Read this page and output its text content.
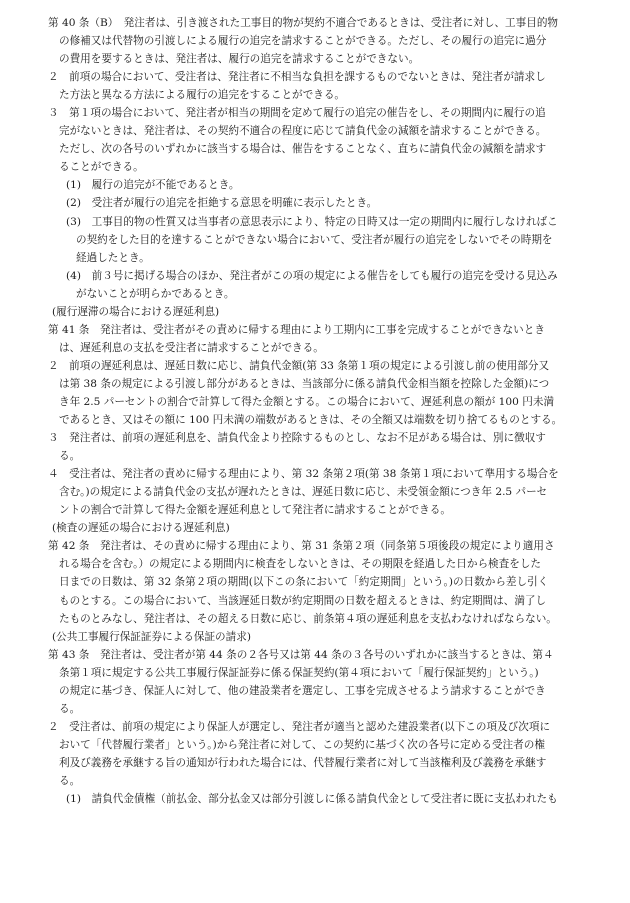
第 40 条（B）　発注者は、引き渡された工事目的物が契約不適合であるときは、受注者に対し、工事目的物
の修補又は代替物の引渡しによる履行の追完を請求することができる。ただし、その履行の追完に過分
の費用を要するときは、発注者は、履行の追完を請求することができない。
２　前項の場合において、受注者は、発注者に不相当な負担を課するものでないときは、発注者が請求し
た方法と異なる方法による履行の追完をすることができる。
３　第１項の場合において、発注者が相当の期間を定めて履行の追完の催告をし、その期間内に履行の追
完がないときは、発注者は、その契約不適合の程度に応じて請負代金の減額を請求することができる。
ただし、次の各号のいずれかに該当する場合は、催告をすることなく、直ちに請負代金の減額を請求す
ることができる。
(1)　履行の追完が不能であるとき。
(2)　受注者が履行の追完を拒絶する意思を明確に表示したとき。
(3)　工事目的物の性質又は当事者の意思表示により、特定の日時又は一定の期間内に履行しなければこ
の契約をした目的を達することができない場合において、受注者が履行の追完をしないでその時期を
経過したとき。
(4)　前３号に掲げる場合のほか、発注者がこの項の規定による催告をしても履行の追完を受ける見込み
がないことが明らかであるとき。
(履行遅滞の場合における遅延利息)
第 41 条　発注者は、受注者がその責めに帰する理由により工期内に工事を完成することができないとき
は、遅延利息の支払を受注者に請求することができる。
２　前項の遅延利息は、遅延日数に応じ、請負代金額(第 33 条第１項の規定による引渡し前の使用部分又
は第 38 条の規定による引渡し部分があるときは、当該部分に係る請負代金相当額を控除した金額)につ
き年 2.5 パーセントの割合で計算して得た金額とする。この場合において、遅延利息の額が 100 円未満
であるとき、又はその額に 100 円未満の端数があるときは、その全額又は端数を切り捨てるものとする。
３　発注者は、前項の遅延利息を、請負代金より控除するものとし、なお不足がある場合は、別に徴収す
る。
４　受注者は、発注者の責めに帰する理由により、第 32 条第２項(第 38 条第１項において準用する場合を
含む。)の規定による請負代金の支払が遅れたときは、遅延日数に応じ、未受領金額につき年 2.5 パーセ
ントの割合で計算して得た金額を遅延利息として発注者に請求することができる。
(検査の遅延の場合における遅延利息)
第 42 条　発注者は、その責めに帰する理由により、第 31 条第２項（同条第５項後段の規定により適用さ
れる場合を含む。）の規定による期間内に検査をしないときは、その期限を経過した日から検査をした
日までの日数は、第 32 条第２項の期間(以下この条において「約定期間」という。)の日数から差し引く
ものとする。この場合において、当該遅延日数が約定期間の日数を超えるときは、約定期間は、満了し
たものとみなし、発注者は、その超える日数に応じ、前条第４項の遅延利息を支払わなければならない。
(公共工事履行保証証券による保証の請求)
第 43 条　発注者は、受注者が第 44 条の２各号又は第 44 条の３各号のいずれかに該当するときは、第４
条第１項に規定する公共工事履行保証証券に係る保証契約(第４項において「履行保証契約」という。)
の規定に基づき、保証人に対して、他の建設業者を選定し、工事を完成させるよう請求することができ
る。
２　受注者は、前項の規定により保証人が選定し、発注者が適当と認めた建設業者(以下この項及び次項に
おいて「代替履行業者」という。)から発注者に対して、この契約に基づく次の各号に定める受注者の権
利及び義務を承継する旨の通知が行われた場合には、代替履行業者に対して当該権利及び義務を承継す
る。
(1)　請負代金債権（前払金、部分払金又は部分引渡しに係る請負代金として受注者に既に支払われたも
